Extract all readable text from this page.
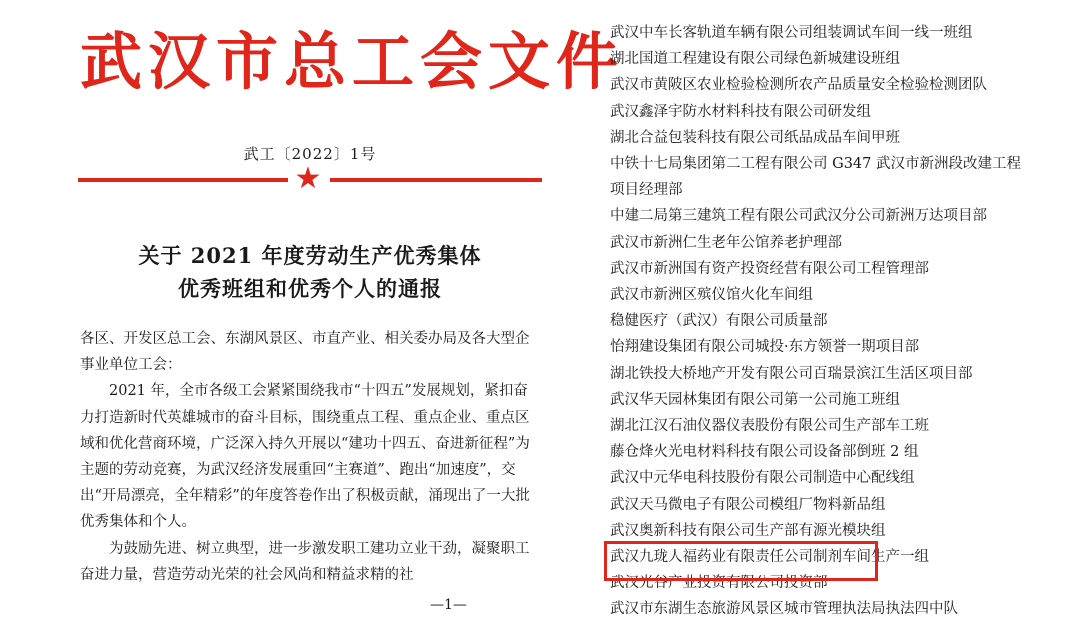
武汉市总工会文件
武工〔2022〕1号
★
关于 2021 年度劳动生产优秀集体
优秀班组和优秀个人的通报

各区、开发区总工会、东湖风景区、市直产业、相关委办局及各大型企事业单位工会：

2021 年，全市各级工会紧紧围绕我市“十四五”发展规划，紧扣奋力打造新时代英雄城市的奋斗目标，围绕重点工程、重点企业、重点区域和优化营商环境，广泛深入持久开展以“建功十四五、奋进新征程”为主题的劳动竞赛，为武汉经济发展重回“主赛道”、跑出“加速度”，交出“开局漂亮，全年精彩”的年度答卷作出了积极贡献，涌现出了一大批优秀集体和个人。

为鼓励先进、树立典型，进一步激发职工建功立业干劲，凝聚职工奋进力量，营造劳动光荣的社会风尚和精益求精的社

—1—
武汉中车长客轨道车辆有限公司组装调试车间一线一班组
湖北国道工程建设有限公司绿色新城建设班组
武汉市黄陂区农业检验检测所农产品质量安全检验检测团队
武汉鑫泽宇防水材料科技有限公司研发组
湖北合益包装科技有限公司纸品成品车间甲班
中铁十七局集团第二工程有限公司 G347 武汉市新洲段改建工程
项目经理部
中建二局第三建筑工程有限公司武汉分公司新洲万达项目部
武汉市新洲仁生老年公馆养老护理部
武汉市新洲国有资产投资经营有限公司工程管理部
武汉市新洲区殡仪馆火化车间组
稳健医疗（武汉）有限公司质量部
怡翔建设集团有限公司城投·东方领誉一期项目部
湖北铁投大桥地产开发有限公司百瑞景滨江生活区项目部
武汉华天园林集团有限公司第一公司施工班组
湖北江汉石油仪器仪表股份有限公司生产部车工班
藤仓烽火光电材料科技有限公司设备部倒班 2 组
武汉中元华电科技股份有限公司制造中心配线组
武汉天马微电子有限公司模组厂物料新品组
武汉奥新科技有限公司生产部有源光模块组
武汉九珑人福药业有限责任公司制剂车间生产一组
武汉光谷产业投资有限公司投资部
武汉市东湖生态旅游风景区城市管理执法局执法四中队
